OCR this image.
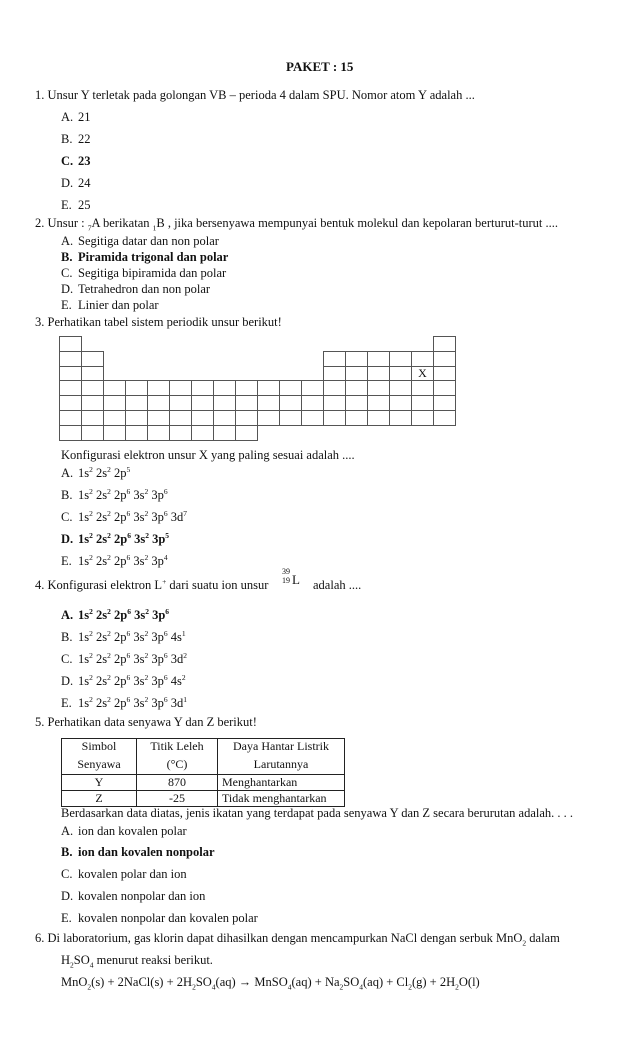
PAKET : 15
1. Unsur Y terletak pada golongan VB – perioda 4 dalam SPU. Nomor atom Y adalah ...
A. 21
B. 22
C. 23
D. 24
E. 25
2. Unsur : $_7$A berikatan $_1$B , jika bersenyawa mempunyai bentuk molekul dan kepolaran berturut-turut ....
A. Segitiga datar dan non polar
B. Piramida trigonal dan polar
C. Segitiga bipiramida dan polar
D. Tetrahedron dan non polar
E. Linier dan polar
3. Perhatikan tabel sistem periodik unsur berikut!
X
Konfigurasi elektron unsur X yang paling sesuai adalah ....
A. $1s^2$ $2s^2$ $2p^5$
B. $1s^2$ $2s^2$ $2p^6$ $3s^2$ $3p^6$
C. $1s^2$ $2s^2$ $2p^6$ $3s^2$ $3p^6$ $3d^7$
D. $1s^2$ $2s^2$ $2p^6$ $3s^2$ $3p^5$
E. $1s^2$ $2s^2$ $2p^6$ $3s^2$ $3p^4$
4. Konfigurasi elektron L+ dari suatu ion unsur
39
19 L adalah ....
A. $1s^2$ $2s^2$ $2p^6$ $3s^2$ $3p^6$
B. $1s^2$ $2s^2$ $2p^6$ $3s^2$ $3p^6$ $4s^1$
C. $1s^2$ $2s^2$ $2p^6$ $3s^2$ $3p^6$ $3d^2$
D. $1s^2$ $2s^2$ $2p^6$ $3s^2$ $3p^6$ $4s^2$
E. $1s^2$ $2s^2$ $2p^6$ $3s^2$ $3p^6$ $3d^1$
5. Perhatikan data senyawa Y dan Z berikut!
Simbol	Titik Leleh	Daya Hantar Listrik
Senyawa	(°C)	Larutannya
Y	870	Menghantarkan
Z	-25	Tidak menghantarkan
Berdasarkan data diatas, jenis ikatan yang terdapat pada senyawa Y dan Z secara berurutan adalah. . . .
A. ion dan kovalen polar
B. ion dan kovalen nonpolar
C. kovalen polar dan ion
D. kovalen nonpolar dan ion
E. kovalen nonpolar dan kovalen polar
6. Di laboratorium, gas klorin dapat dihasilkan dengan mencampurkan NaCl dengan serbuk MnO$_2$ dalam
$H_2SO_4$ menurut reaksi berikut.
MnO$_2$(s) + 2NaCl(s) + $2H_2SO_4(aq)$ → MnSO$_4$(aq) + $Na_2SO_4(aq) + Cl_2(g) + 2H_2O(l)$
